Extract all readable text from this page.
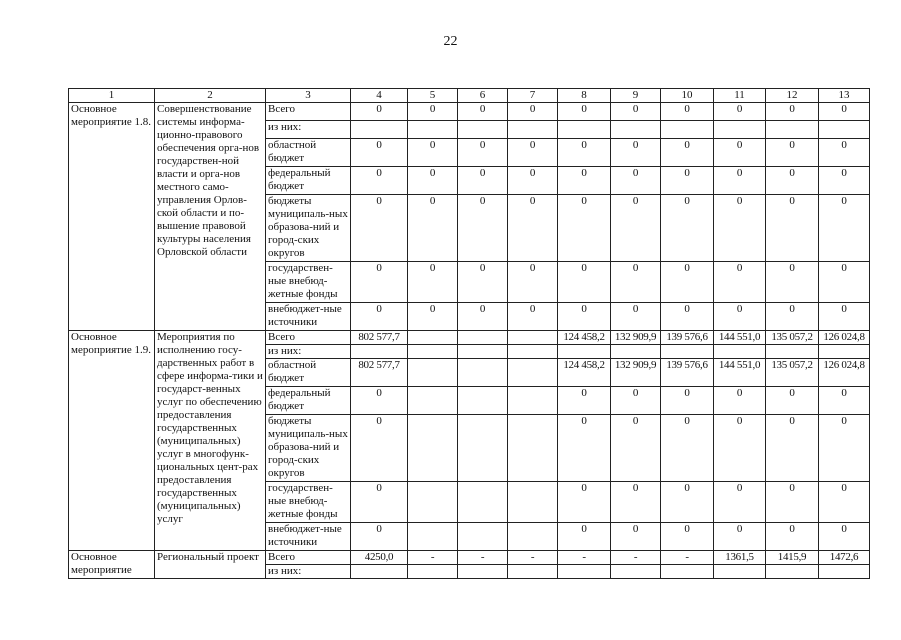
22
1	2	3	4	5	6	7	8	9	10	11	12	13
Основное мероприятие 1.8.	Совершенствование системы информа-ционно-правового обеспечения орга-нов государствен-ной власти и орга-нов местного само-управления Орлов-ской области и по-вышение правовой культуры населения Орловской области	Всего	0	0	0	0	0	0	0	0	0	0
		из них:										
		областной бюджет	0	0	0	0	0	0	0	0	0	0
		федеральный бюджет	0	0	0	0	0	0	0	0	0	0
		бюджеты муниципаль-ных образова-ний и город-ских округов	0	0	0	0	0	0	0	0	0	0
		государствен-ные внебюд-жетные фонды	0	0	0	0	0	0	0	0	0	0
		внебюджет-ные источники	0	0	0	0	0	0	0	0	0	0
Основное мероприятие 1.9.	Мероприятия по исполнению госу-дарственных работ в сфере информа-тики и государст-венных услуг по обеспечению предоставления государственных (муниципальных) услуг в многофунк-циональных цент-рах предоставления государственных (муниципальных) услуг	Всего	802 577,7				124 458,2	132 909,9	139 576,6	144 551,0	135 057,2	126 024,8
		из них:										
		областной бюджет	802 577,7				124 458,2	132 909,9	139 576,6	144 551,0	135 057,2	126 024,8
		федеральный бюджет	0				0	0	0	0	0	0
		бюджеты муниципаль-ных образова-ний и город-ских округов	0				0	0	0	0	0	0
		государствен-ные внебюд-жетные фонды	0				0	0	0	0	0	0
		внебюджет-ные источники	0				0	0	0	0	0	0
Основное мероприятие	Региональный проект	Всего	4250,0	-	-	-	-	-	-	1361,5	1415,9	1472,6
		из них:										
